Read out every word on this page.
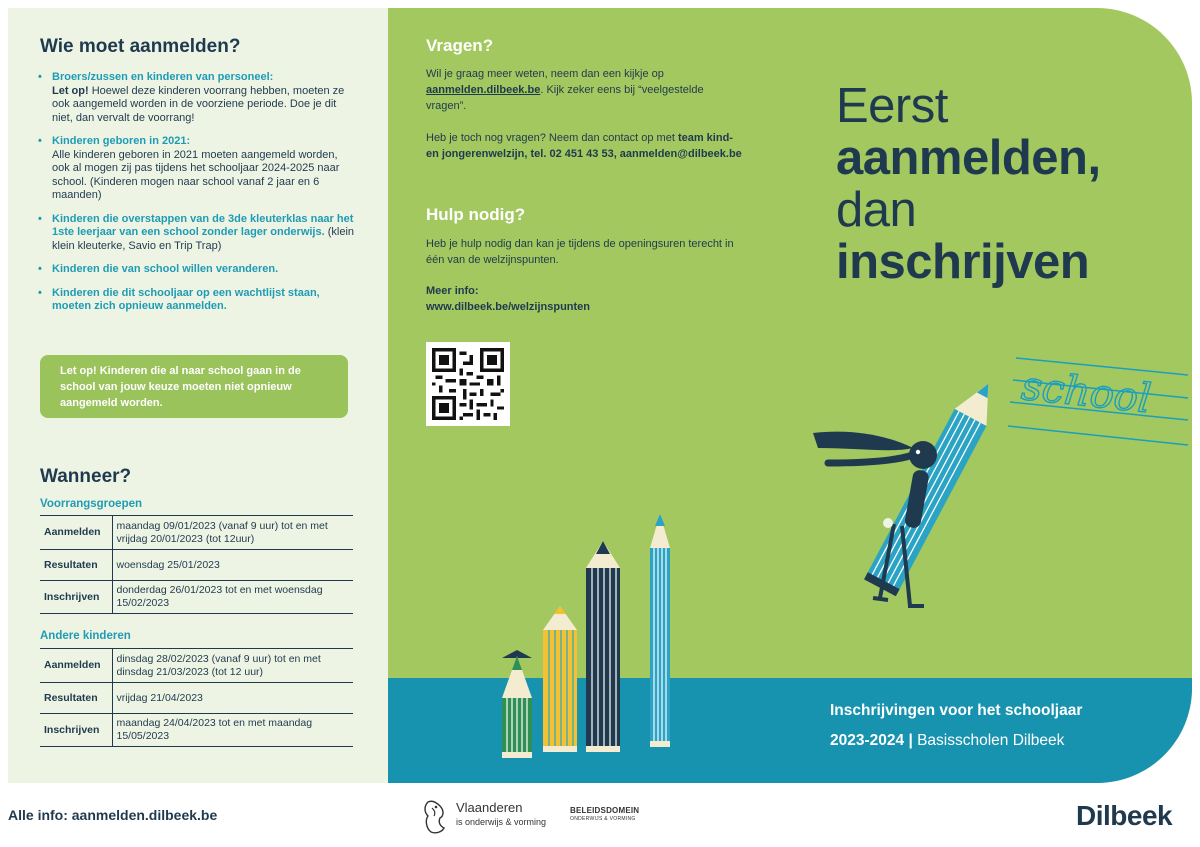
Wie moet aanmelden?
• Broers/zussen en kinderen van personeel:
Let op! Hoewel deze kinderen voorrang hebben, moeten ze ook aangemeld worden in de voorziene periode. Doe je dit niet, dan vervalt de voorrang!
• Kinderen geboren in 2021:
Alle kinderen geboren in 2021 moeten aangemeld worden, ook al mogen zij pas tijdens het schooljaar 2024-2025 naar school. (Kinderen mogen naar school vanaf 2 jaar en 6 maanden)
• Kinderen die overstappen van de 3de kleuterklas naar het 1ste leerjaar van een school zonder lager onderwijs. (klein klein kleuterke, Savio en Trip Trap)
• Kinderen die van school willen veranderen.
• Kinderen die dit schooljaar op een wachtlijst staan, moeten zich opnieuw aanmelden.
Let op! Kinderen die al naar school gaan in de school van jouw keuze moeten niet opnieuw aangemeld worden.
Wanneer?
Voorrangsgroepen
Aanmelden	maandag 09/01/2023 (vanaf 9 uur) tot en met vrijdag 20/01/2023 (tot 12uur)
Resultaten	woensdag 25/01/2023
Inschrijven	donderdag 26/01/2023 tot en met woensdag 15/02/2023
Andere kinderen
Aanmelden	dinsdag 28/02/2023 (vanaf 9 uur) tot en met dinsdag 21/03/2023 (tot 12 uur)
Resultaten	vrijdag 21/04/2023
Inschrijven	maandag 24/04/2023 tot en met maandag 15/05/2023
school
Vragen?
Wil je graag meer weten, neem dan een kijkje op aanmelden.dilbeek.be. Kijk zeker eens bij “veelgestelde vragen”.
Heb je toch nog vragen? Neem dan contact op met team kind- en jongerenwelzijn, tel. 02 451 43 53, aanmelden@dilbeek.be
Hulp nodig?
Heb je hulp nodig dan kan je tijdens de openingsuren terecht in één van de welzijnspunten.
Meer info:
www.dilbeek.be/welzijnspunten
Eerst
aanmelden,
dan
inschrijven
Inschrijvingen voor het schooljaar
2023-2024 | Basisscholen Dilbeek
Alle info: aanmelden.dilbeek.be	Vlaanderen
is onderwijs & vorming
BELEIDSDOMEIN
ONDERWIJS & VORMING	Dilbeek
